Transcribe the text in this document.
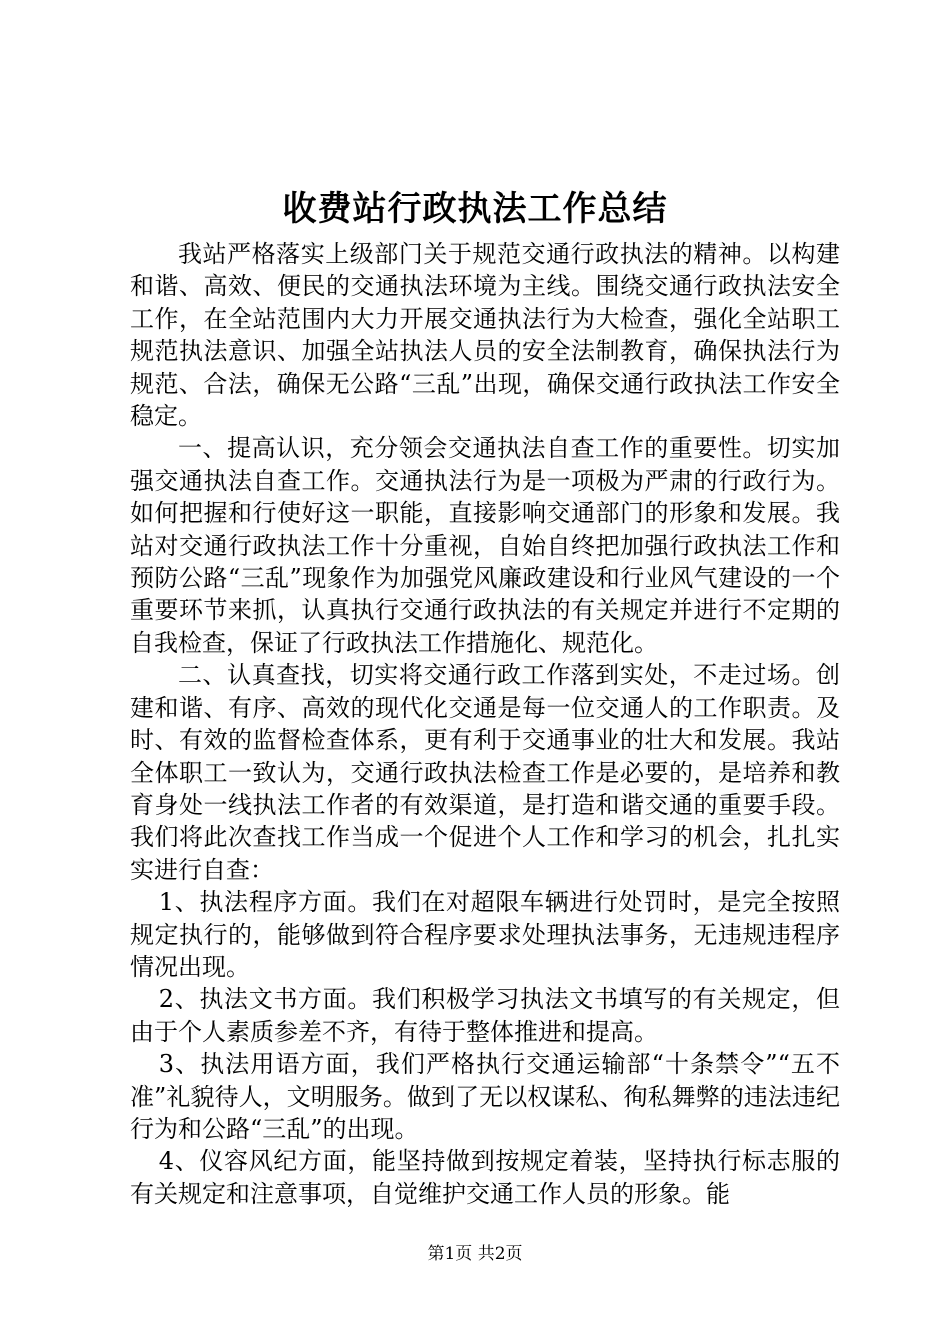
收费站行政执法工作总结

我站严格落实上级部门关于规范交通行政执法的精神。以构建和谐、高效、便民的交通执法环境为主线。围绕交通行政执法安全工作，在全站范围内大力开展交通执法行为大检查，强化全站职工规范执法意识、加强全站执法人员的安全法制教育，确保执法行为规范、合法，确保无公路“三乱”出现，确保交通行政执法工作安全稳定。

一、提高认识，充分领会交通执法自查工作的重要性。切实加强交通执法自查工作。交通执法行为是一项极为严肃的行政行为。如何把握和行使好这一职能，直接影响交通部门的形象和发展。我站对交通行政执法工作十分重视，自始自终把加强行政执法工作和预防公路“三乱”现象作为加强党风廉政建设和行业风气建设的一个重要环节来抓，认真执行交通行政执法的有关规定并进行不定期的自我检查，保证了行政执法工作措施化、规范化。

二、认真查找，切实将交通行政工作落到实处，不走过场。创建和谐、有序、高效的现代化交通是每一位交通人的工作职责。及时、有效的监督检查体系，更有利于交通事业的壮大和发展。我站全体职工一致认为，交通行政执法检查工作是必要的，是培养和教育身处一线执法工作者的有效渠道，是打造和谐交通的重要手段。我们将此次查找工作当成一个促进个人工作和学习的机会，扎扎实实进行自查：

1、执法程序方面。我们在对超限车辆进行处罚时，是完全按照规定执行的，能够做到符合程序要求处理执法事务，无违规违程序情况出现。

2、执法文书方面。我们积极学习执法文书填写的有关规定，但由于个人素质参差不齐，有待于整体推进和提高。

3、执法用语方面，我们严格执行交通运输部“十条禁令”“五不准”礼貌待人，文明服务。做到了无以权谋私、徇私舞弊的违法违纪行为和公路“三乱”的出现。

4、仪容风纪方面，能坚持做到按规定着装，坚持执行标志服的有关规定和注意事项，自觉维护交通工作人员的形象。能

第1页 共2页
